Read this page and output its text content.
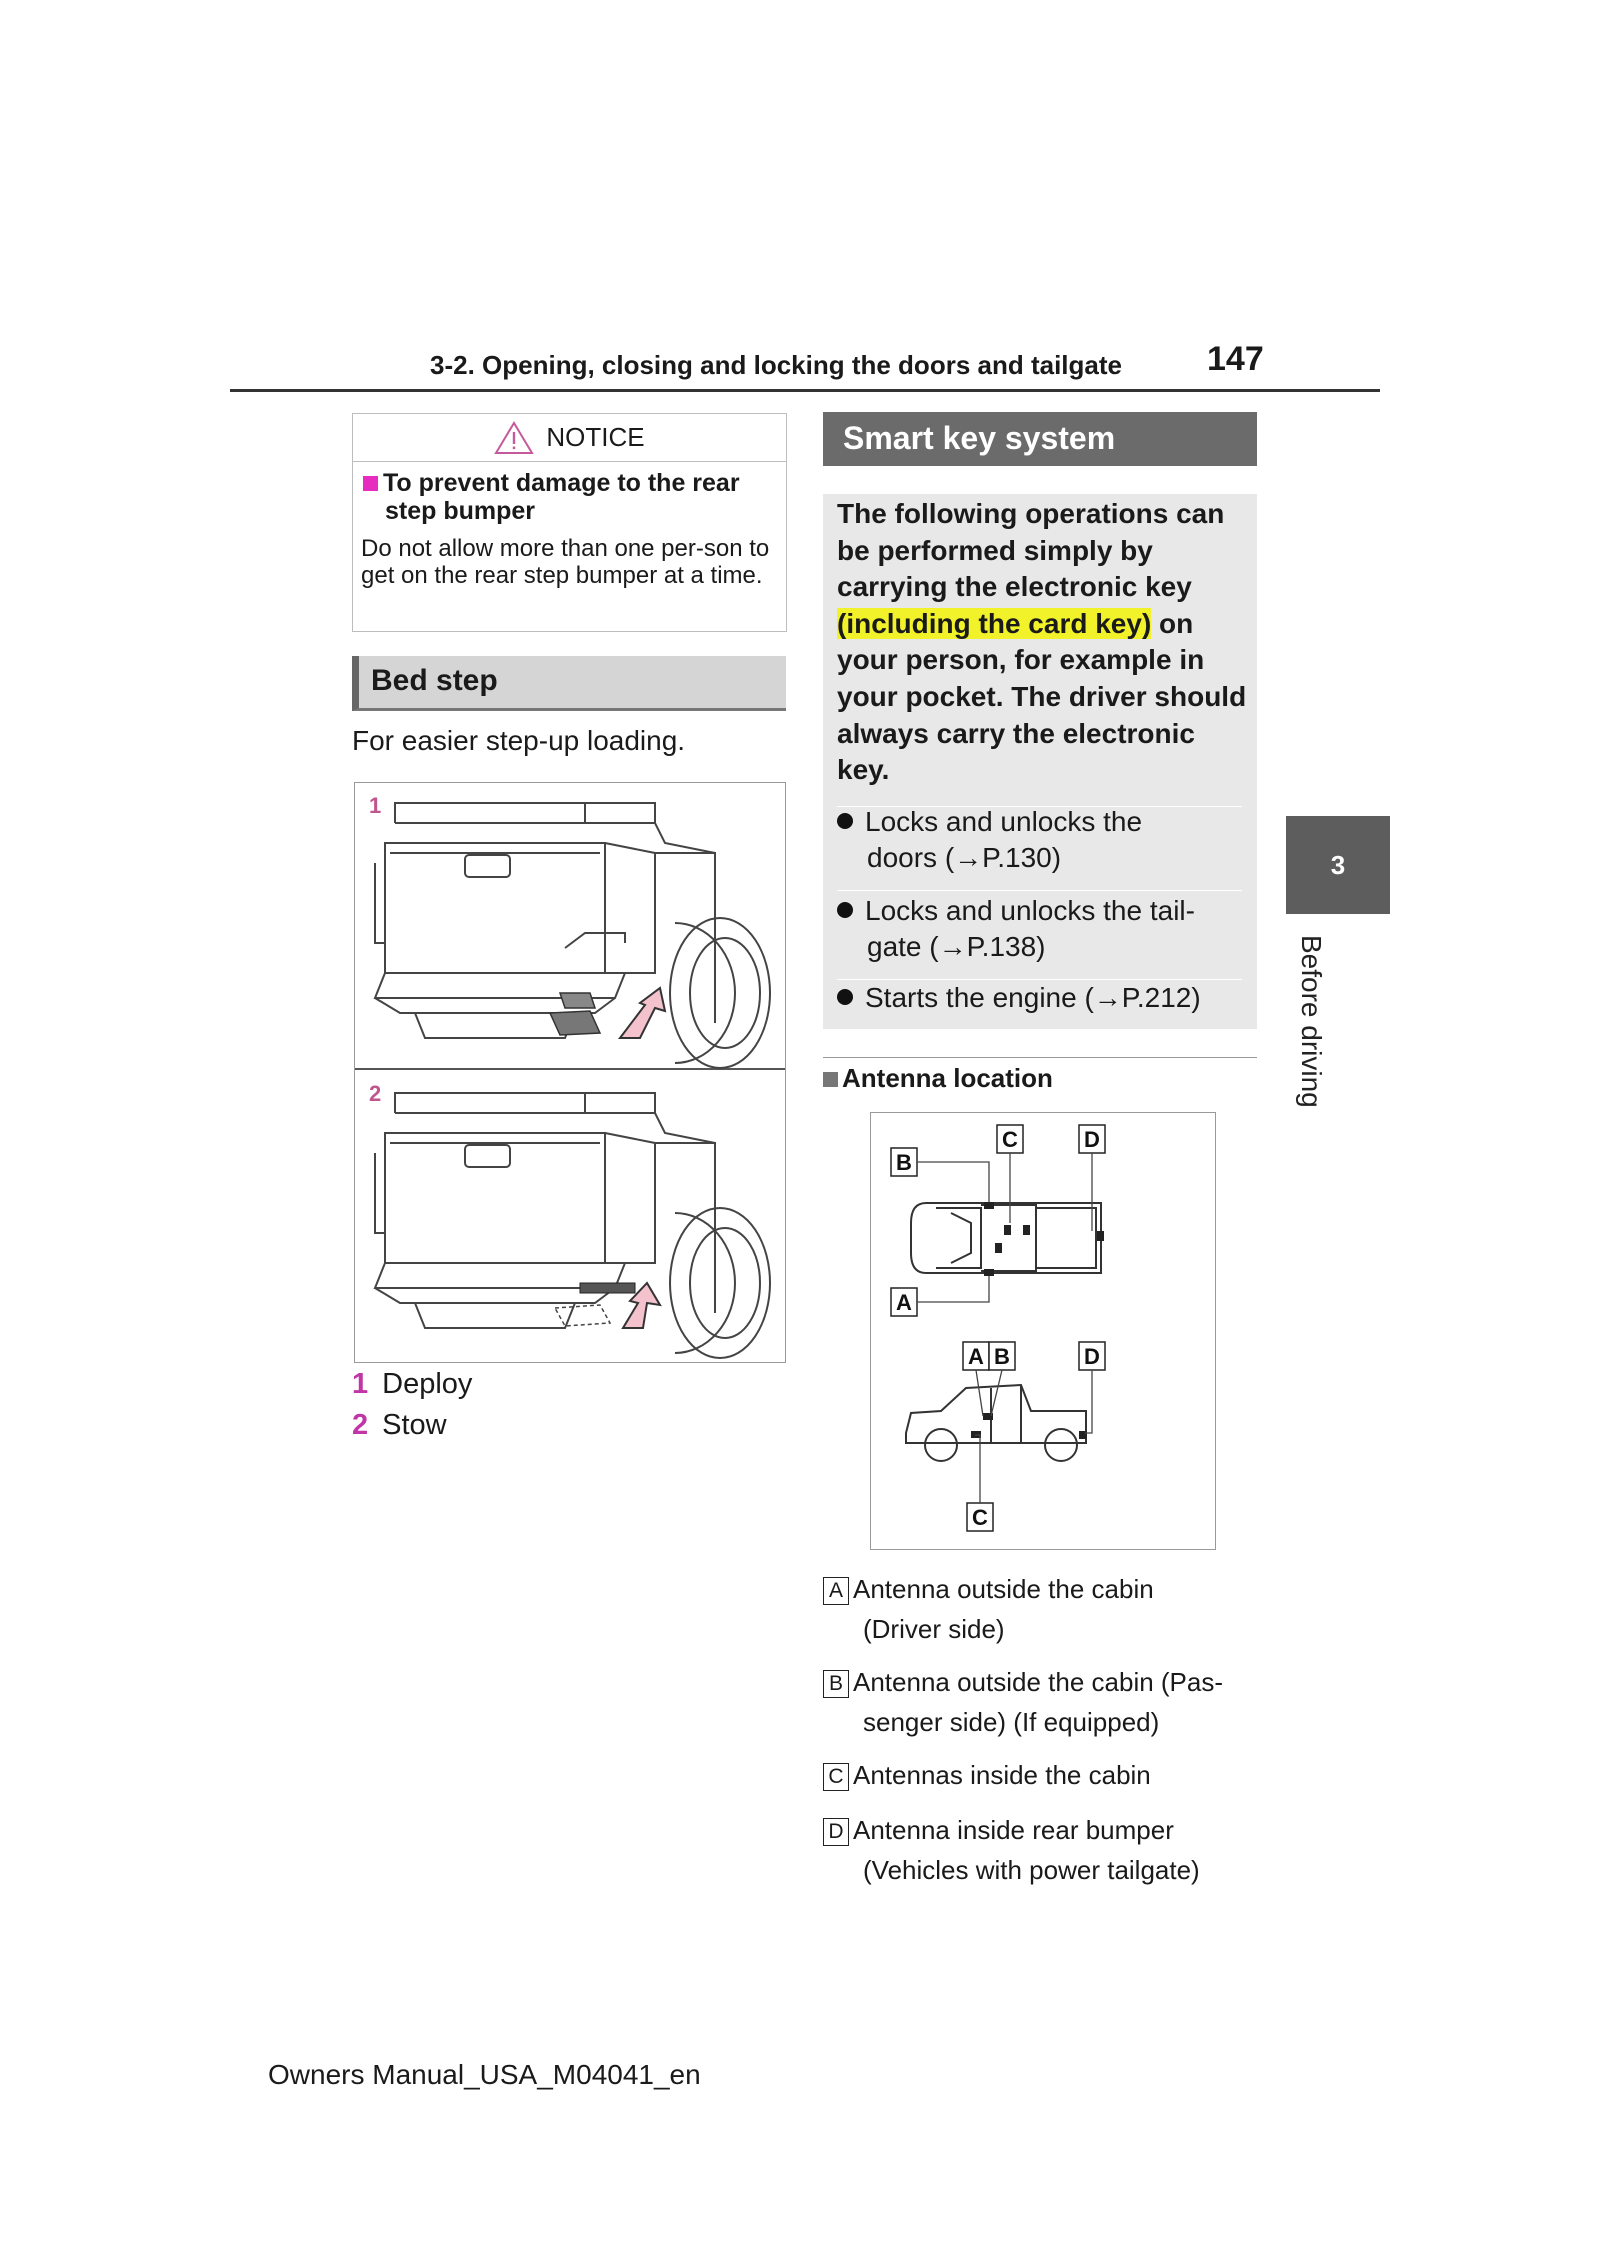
3-2. Opening, closing and locking the doors and tailgate	147
3
Before driving
NOTICE
To prevent damage to the rear
step bumper
Do not allow more than one per-son to get on the rear step bumper at a time.
Bed step
For easier step-up loading.
1
2
1 Deploy
2 Stow
Smart key system
The following operations can be performed simply by carrying the electronic key (including the card key) on your person, for example in your pocket. The driver should always carry the electronic key.
Locks and unlocks the
doors (→P.130)
Locks and unlocks the tail-
gate (→P.138)
Starts the engine (→P.212)
Antenna location
B
C	D
A
A B	D
C
A Antenna outside the cabin
(Driver side)
B Antenna outside the cabin (Pas-
senger side) (If equipped)
C Antennas inside the cabin
D Antenna inside rear bumper
(Vehicles with power tailgate)
Owners Manual_USA_M04041_en
